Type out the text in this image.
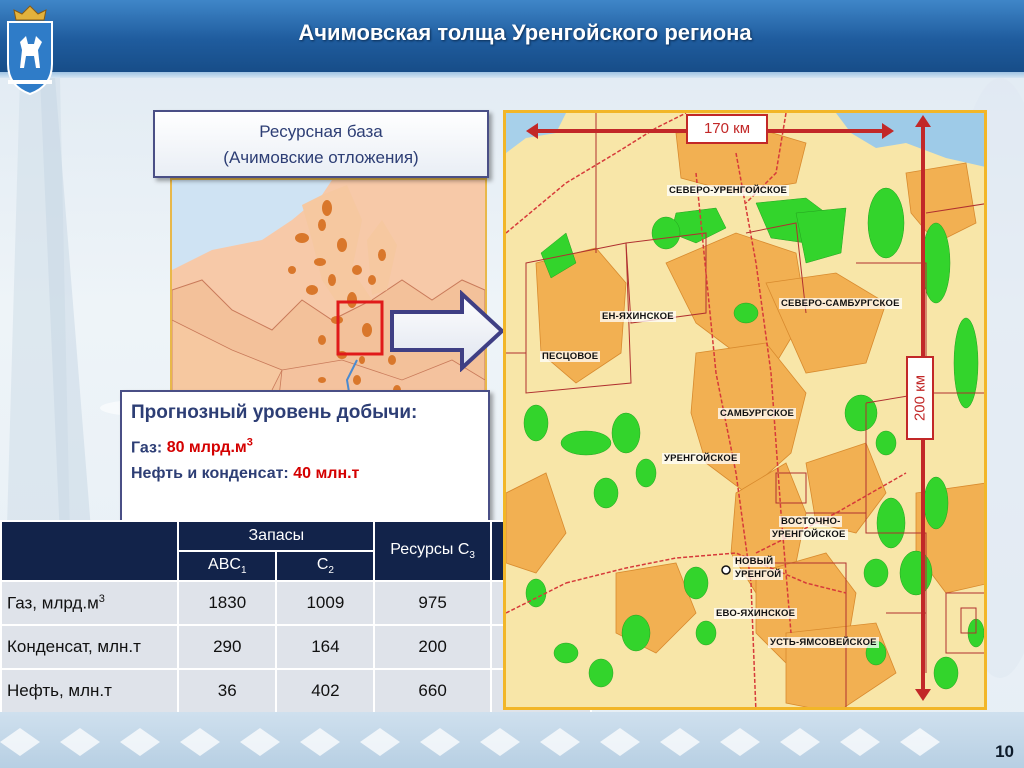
Ачимовская толща Уренгойского региона
Ресурсная база
(Ачимовские отложения)
Прогнозный уровень добычи:
Газ: 80 $млрд.м^3$
Нефть и конденсат: 40 млн.т
	Запасы		Ресурсы $С_3$	
	$ABC_1$	$C_2$
Газ, $млрд.м^3$	1830	1009	975	
Конденсат, млн.т	290	164	200	
Нефть, млн.т	36	402	660	
СЕВЕРО-УРЕНГОЙСКОЕ
ЕН-ЯХИНСКОЕ
СЕВЕРО-САМБУРГСКОЕ
ПЕСЦОВОЕ
САМБУРГСКОЕ
УРЕНГОЙСКОЕ
ВОСТОЧНО-
УРЕНГОЙСКОЕ
НОВЫЙ
УРЕНГОЙ
ЕВО-ЯХИНСКОЕ
УСТЬ-ЯМСОВЕЙСКОЕ
170 км
200 км
10
